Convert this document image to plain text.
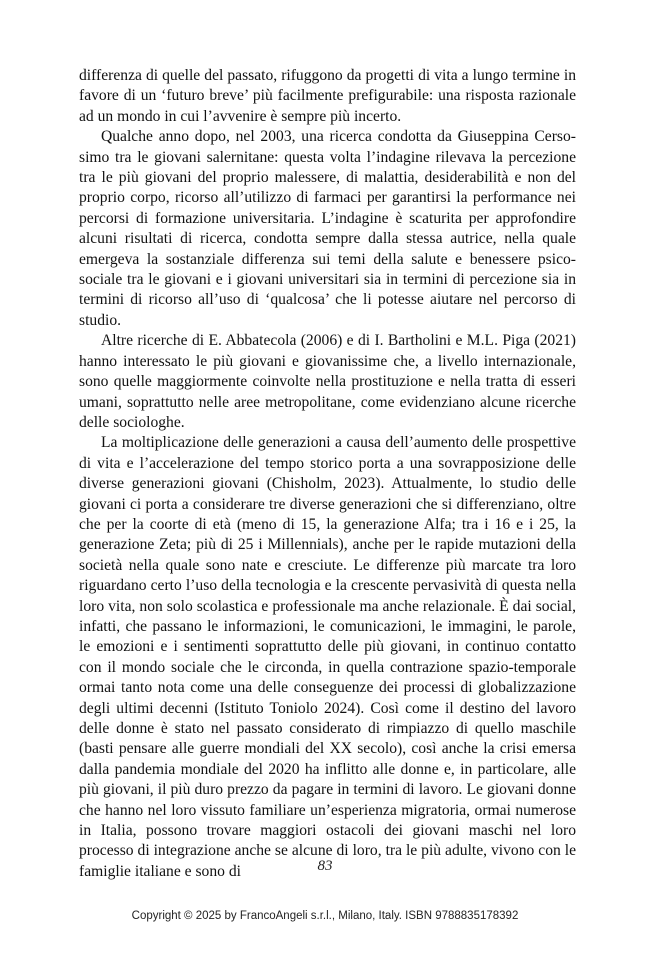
differenza di quelle del passato, rifuggono da progetti di vita a lungo termine in favore di un ‘futuro breve’ più facilmente prefigurabile: una risposta razionale ad un mondo in cui l’avvenire è sempre più incerto.

Qualche anno dopo, nel 2003, una ricerca condotta da Giuseppina Cersosimo tra le giovani salernitane: questa volta l’indagine rilevava la percezione tra le più giovani del proprio malessere, di malattia, desiderabilità e non del proprio corpo, ricorso all’utilizzo di farmaci per garantirsi la performance nei percorsi di formazione universitaria. L’indagine è scaturita per approfondire alcuni risultati di ricerca, condotta sempre dalla stessa autrice, nella quale emergeva la sostanziale differenza sui temi della salute e benessere psico-sociale tra le giovani e i giovani universitari sia in termini di percezione sia in termini di ricorso all’uso di ‘qualcosa’ che li potesse aiutare nel percorso di studio.

Altre ricerche di E. Abbatecola (2006) e di I. Bartholini e M.L. Piga (2021) hanno interessato le più giovani e giovanissime che, a livello internazionale, sono quelle maggiormente coinvolte nella prostituzione e nella tratta di esseri umani, soprattutto nelle aree metropolitane, come evidenziano alcune ricerche delle sociologhe.

La moltiplicazione delle generazioni a causa dell’aumento delle prospettive di vita e l’accelerazione del tempo storico porta a una sovrapposizione delle diverse generazioni giovani (Chisholm, 2023). Attualmente, lo studio delle giovani ci porta a considerare tre diverse generazioni che si differenziano, oltre che per la coorte di età (meno di 15, la generazione Alfa; tra i 16 e i 25, la generazione Zeta; più di 25 i Millennials), anche per le rapide mutazioni della società nella quale sono nate e cresciute. Le differenze più marcate tra loro riguardano certo l’uso della tecnologia e la crescente pervasività di questa nella loro vita, non solo scolastica e professionale ma anche relazionale. È dai social, infatti, che passano le informazioni, le comunicazioni, le immagini, le parole, le emozioni e i sentimenti soprattutto delle più giovani, in continuo contatto con il mondo sociale che le circonda, in quella contrazione spazio-temporale ormai tanto nota come una delle conseguenze dei processi di globalizzazione degli ultimi decenni (Istituto Toniolo 2024). Così come il destino del lavoro delle donne è stato nel passato considerato di rimpiazzo di quello maschile (basti pensare alle guerre mondiali del XX secolo), così anche la crisi emersa dalla pandemia mondiale del 2020 ha inflitto alle donne e, in particolare, alle più giovani, il più duro prezzo da pagare in termini di lavoro. Le giovani donne che hanno nel loro vissuto familiare un’esperienza migratoria, ormai numerose in Italia, possono trovare maggiori ostacoli dei giovani maschi nel loro processo di integrazione anche se alcune di loro, tra le più adulte, vivono con le famiglie italiane e sono di	83
Copyright © 2025 by FrancoAngeli s.r.l., Milano, Italy. ISBN 9788835178392
